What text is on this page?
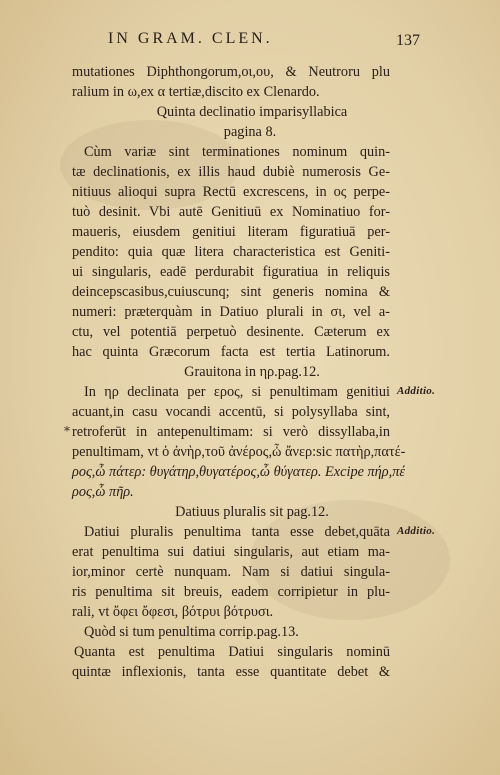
IN GRAM. CLEN.	137
mutationes Diphthongorum,οι,ου, & Neutroru plu
ralium in ω,ex α tertiæ,discito ex Clenardo.
Quinta declinatio imparisyllabica
pagina 8.
Cùm variæ sint terminationes nominum quin-
tæ declinationis, ex illis haud dubiè numerosis Ge-
nitiuus alioqui supra Rectū excrescens, in ος perpe-
tuò desinit. Vbi autē Genitiuū ex Nominatiuo for-
maueris, eiusdem genitiui literam figuratiuā per-
pendito: quia quæ litera characteristica est Geniti-
ui singularis, eadē perdurabit figuratiua in reliquis
deincepscasibus,cuiuscunq; sint generis nomina &
numeri: præterquàm in Datiuo plurali in σι, vel a-
ctu, vel potentiā perpetuò desinente. Cæterum ex
hac quinta Græcorum facta est tertia Latinorum.
Grauitona in ηρ.pag.12.
In ηρ declinata per ερος, si penultimam genitiui
acuant,in casu vocandi accentū, si polysyllaba sint,
retroferūt in antepenultimam: si verò dissyllaba,in
penultimam, vt ὁ ἀνὴρ,τοῦ ἀνέρος,ὦ ἄνερ:sic πατὴρ,πατέ-
ρος,ὦ πάτερ: θυγάτηρ,θυγατέρος,ὦ θύγατερ. Excipe πήρ,πέ
ρος,ὦ πῆρ.
Datiuus pluralis sit pag.12.
Datiui pluralis penultima tanta esse debet,quāta
erat penultima sui datiui singularis, aut etiam ma-
ior,minor certè nunquam. Nam si datiui singula-
ris penultima sit breuis, eadem corripietur in plu-
rali, vt ὄφει ὄφεσι, βότρυι βότρυσι.
Quòd si tum penultima corrip.pag.13.
Quanta est penultima Datiui singularis nominū
quintæ inflexionis, tanta esse quantitate debet &
Additio.
Additio.
*
